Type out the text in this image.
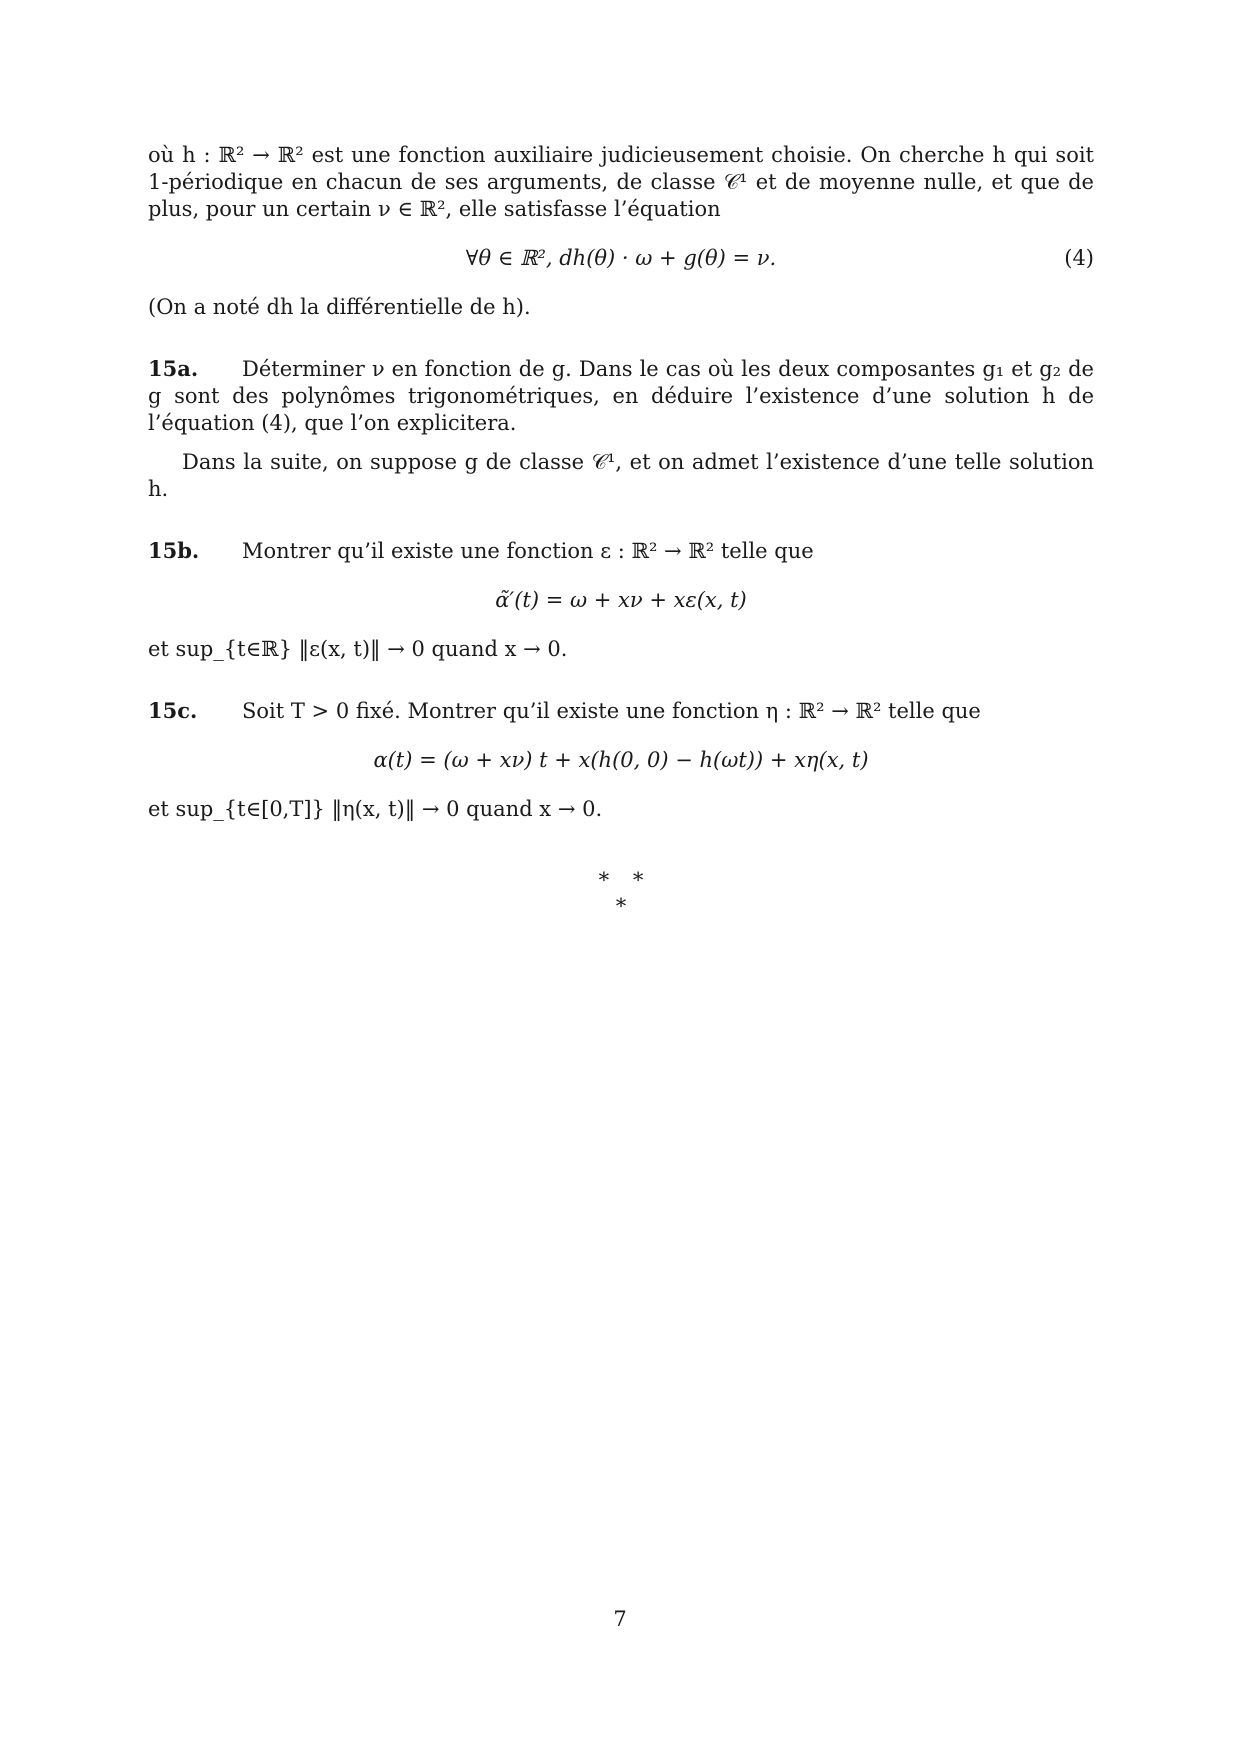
où h : ℝ² → ℝ² est une fonction auxiliaire judicieusement choisie. On cherche h qui soit 1-périodique en chacun de ses arguments, de classe 𝒞¹ et de moyenne nulle, et que de plus, pour un certain ν ∈ ℝ², elle satisfasse l’équation

∀θ ∈ ℝ², dh(θ) · ω + g(θ) = ν.	(4)

(On a noté dh la différentielle de h).

15a. Déterminer ν en fonction de g. Dans le cas où les deux composantes g₁ et g₂ de g sont des polynômes trigonométriques, en déduire l’existence d’une solution h de l’équation (4), que l’on explicitera.

Dans la suite, on suppose g de classe 𝒞¹, et on admet l’existence d’une telle solution h.

15b. Montrer qu’il existe une fonction ε : ℝ² → ℝ² telle que

α̃′(t) = ω + xν + xε(x, t)

et sup_{t∈ℝ} ‖ε(x, t)‖ → 0 quand x → 0.

15c. Soit T > 0 fixé. Montrer qu’il existe une fonction η : ℝ² → ℝ² telle que

α(t) = (ω + xν) t + x(h(0, 0) − h(ωt)) + xη(x, t)

et sup_{t∈[0,T]} ‖η(x, t)‖ → 0 quand x → 0.

∗   ∗
∗
7
